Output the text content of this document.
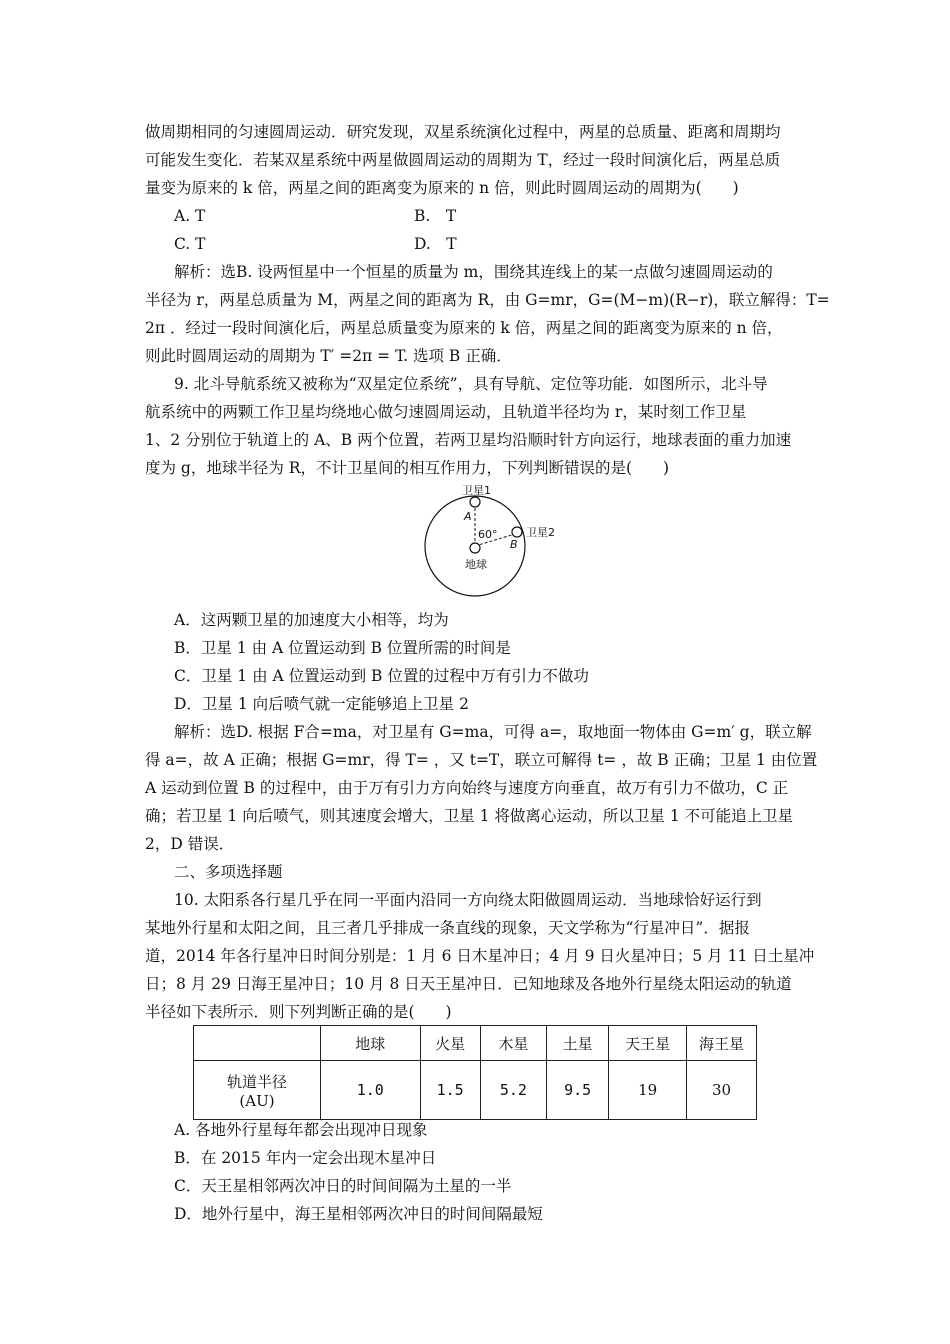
做周期相同的匀速圆周运动．研究发现，双星系统演化过程中，两星的总质量、距离和周期均
可能发生变化．若某双星系统中两星做圆周运动的周期为 T，经过一段时间演化后，两星总质
量变为原来的 k 倍，两星之间的距离变为原来的 n 倍，则此时圆周运动的周期为(　　)
A. T	B.　T
C. T	D.　T
解析：选B. 设两恒星中一个恒星的质量为 m，围绕其连线上的某一点做匀速圆周运动的
半径为 r，两星总质量为 M，两星之间的距离为 R，由 G=mr，G=(M−m)(R−r)，联立解得：T=
2π ．经过一段时间演化后，两星总质量变为原来的 k 倍，两星之间的距离变为原来的 n 倍，
则此时圆周运动的周期为 T′ =2π = T. 选项 B 正确．
9. 北斗导航系统又被称为“双星定位系统”，具有导航、定位等功能．如图所示，北斗导
航系统中的两颗工作卫星均绕地心做匀速圆周运动，且轨道半径均为 r，某时刻工作卫星
1、2 分别位于轨道上的 A、B 两个位置，若两卫星均沿顺时针方向运行，地球表面的重力加速
度为 g，地球半径为 R，不计卫星间的相互作用力，下列判断错误的是(　　)
卫星1
卫星2
A
B
60°
地球
A．这两颗卫星的加速度大小相等，均为
B．卫星 1 由 A 位置运动到 B 位置所需的时间是
C．卫星 1 由 A 位置运动到 B 位置的过程中万有引力不做功
D．卫星 1 向后喷气就一定能够追上卫星 2
解析：选D. 根据 F合=ma，对卫星有 G=ma，可得 a=，取地面一物体由 G=m′ g，联立解
得 a=，故 A 正确；根据 G=mr，得 T= ，又 t=T，联立可解得 t= ，故 B 正确；卫星 1 由位置
A 运动到位置 B 的过程中，由于万有引力方向始终与速度方向垂直，故万有引力不做功，C 正
确；若卫星 1 向后喷气，则其速度会增大，卫星 1 将做离心运动，所以卫星 1 不可能追上卫星
2，D 错误．
二、多项选择题
10. 太阳系各行星几乎在同一平面内沿同一方向绕太阳做圆周运动．当地球恰好运行到
某地外行星和太阳之间，且三者几乎排成一条直线的现象，天文学称为“行星冲日”．据报
道，2014 年各行星冲日时间分别是：1 月 6 日木星冲日；4 月 9 日火星冲日；5 月 11 日土星冲
日；8 月 29 日海王星冲日；10 月 8 日天王星冲日．已知地球及各地外行星绕太阳运动的轨道
半径如下表所示．则下列判断正确的是(　　)
	地球	火星	木星	土星	天王星	海王星

轨道半径
(AU)	1.0	1.5	5.2	9.5	19	30
A. 各地外行星每年都会出现冲日现象
B．在 2015 年内一定会出现木星冲日
C．天王星相邻两次冲日的时间间隔为土星的一半
D．地外行星中，海王星相邻两次冲日的时间间隔最短
